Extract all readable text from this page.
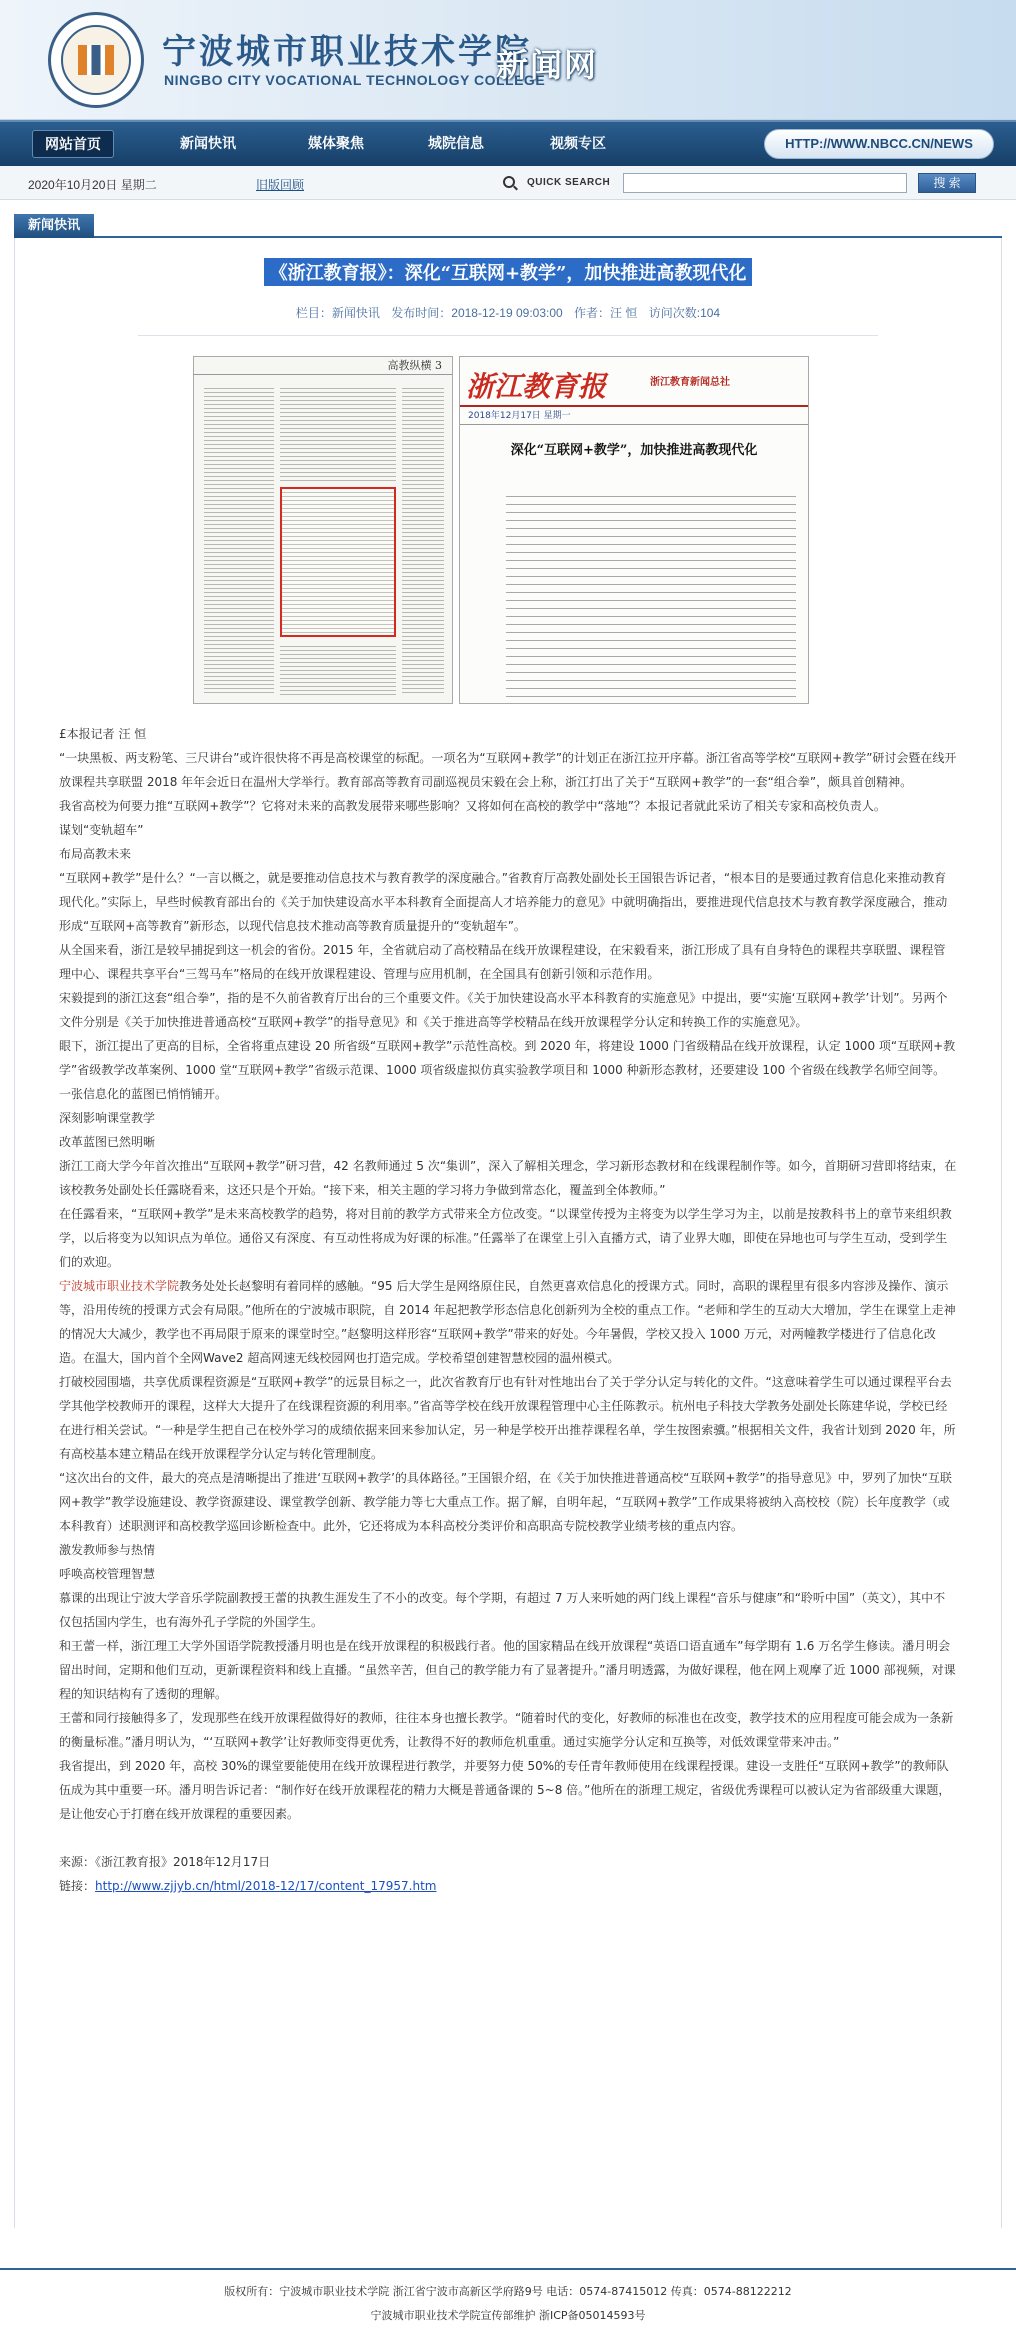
宁波城市职业技术学院
NINGBO CITY VOCATIONAL TECHNOLOGY COLLEGE
新闻网
网站首页	新闻快讯	媒体聚焦	城院信息	视频专区	HTTP://WWW.NBCC.CN/NEWS
2020年10月20日 星期二	旧版回顾	QUICK SEARCH	搜 索
新闻快讯
《浙江教育报》：深化“互联网+教学”，加快推进高教现代化
栏目：新闻快讯 发布时间：2018-12-19 09:03:00 作者：汪 恒 访问次数:104
高教纵横 3
浙江教育报	浙江教育新闻总社
2018年12月17日 星期一
深化“互联网+教学”，加快推进高教现代化

£本报记者 汪 恒

“一块黑板、两支粉笔、三尺讲台”或许很快将不再是高校课堂的标配。一项名为“互联网+教学”的计划正在浙江拉开序幕。浙江省高等学校“互联网+教学”研讨会暨在线开放课程共享联盟 2018 年年会近日在温州大学举行。教育部高等教育司副巡视员宋毅在会上称，浙江打出了关于“互联网+教学”的一套“组合拳”，颇具首创精神。

我省高校为何要力推“互联网+教学”？它将对未来的高教发展带来哪些影响？又将如何在高校的教学中“落地”？本报记者就此采访了相关专家和高校负责人。

谋划“变轨超车”

布局高教未来

“互联网+教学”是什么？“一言以概之，就是要推动信息技术与教育教学的深度融合。”省教育厅高教处副处长王国银告诉记者，“根本目的是要通过教育信息化来推动教育现代化。”实际上，早些时候教育部出台的《关于加快建设高水平本科教育全面提高人才培养能力的意见》中就明确指出，要推进现代信息技术与教育教学深度融合，推动形成“互联网+高等教育”新形态，以现代信息技术推动高等教育质量提升的“变轨超车”。

从全国来看，浙江是较早捕捉到这一机会的省份。2015 年，全省就启动了高校精品在线开放课程建设，在宋毅看来，浙江形成了具有自身特色的课程共享联盟、课程管理中心、课程共享平台“三驾马车”格局的在线开放课程建设、管理与应用机制，在全国具有创新引领和示范作用。

宋毅提到的浙江这套“组合拳”，指的是不久前省教育厅出台的三个重要文件。《关于加快建设高水平本科教育的实施意见》中提出，要“实施‘互联网+教学’计划”。另两个文件分别是《关于加快推进普通高校“互联网+教学”的指导意见》和《关于推进高等学校精品在线开放课程学分认定和转换工作的实施意见》。

眼下，浙江提出了更高的目标，全省将重点建设 20 所省级“互联网+教学”示范性高校。到 2020 年，将建设 1000 门省级精品在线开放课程，认定 1000 项“互联网+教学”省级教学改革案例、1000 堂“互联网+教学”省级示范课、1000 项省级虚拟仿真实验教学项目和 1000 种新形态教材，还要建设 100 个省级在线教学名师空间等。一张信息化的蓝图已悄悄铺开。

深刻影响课堂教学

改革蓝图已然明晰

浙江工商大学今年首次推出“互联网+教学”研习营，42 名教师通过 5 次“集训”，深入了解相关理念，学习新形态教材和在线课程制作等。如今，首期研习营即将结束，在该校教务处副处长任露晓看来，这还只是个开始。“接下来，相关主题的学习将力争做到常态化，覆盖到全体教师。”

在任露看来，“互联网+教学”是未来高校教学的趋势，将对目前的教学方式带来全方位改变。“以课堂传授为主将变为以学生学习为主，以前是按教科书上的章节来组织教学，以后将变为以知识点为单位。通俗又有深度、有互动性将成为好课的标准。”任露举了在课堂上引入直播方式，请了业界大咖，即使在异地也可与学生互动，受到学生们的欢迎。

宁波城市职业技术学院教务处处长赵黎明有着同样的感触。“95 后大学生是网络原住民，自然更喜欢信息化的授课方式。同时，高职的课程里有很多内容涉及操作、演示等，沿用传统的授课方式会有局限。”他所在的宁波城市职院，自 2014 年起把教学形态信息化创新列为全校的重点工作。“老师和学生的互动大大增加，学生在课堂上走神的情况大大减少，教学也不再局限于原来的课堂时空。”赵黎明这样形容“互联网+教学”带来的好处。今年暑假，学校又投入 1000 万元，对两幢教学楼进行了信息化改造。在温大，国内首个全网Wave2 超高网速无线校园网也打造完成。学校希望创建智慧校园的温州模式。

打破校园围墙，共享优质课程资源是“互联网+教学”的远景目标之一，此次省教育厅也有针对性地出台了关于学分认定与转化的文件。“这意味着学生可以通过课程平台去学其他学校教师开的课程，这样大大提升了在线课程资源的利用率。”省高等学校在线开放课程管理中心主任陈教示。杭州电子科技大学教务处副处长陈建华说，学校已经在进行相关尝试。“一种是学生把自己在校外学习的成绩依据来回来参加认定，另一种是学校开出推荐课程名单，学生按图索骥。”根据相关文件，我省计划到 2020 年，所有高校基本建立精品在线开放课程学分认定与转化管理制度。

“这次出台的文件，最大的亮点是清晰提出了推进‘互联网+教学’的具体路径。”王国银介绍，在《关于加快推进普通高校“互联网+教学”的指导意见》中，罗列了加快“互联网+教学”教学设施建设、教学资源建设、课堂教学创新、教学能力等七大重点工作。据了解，自明年起，“互联网+教学”工作成果将被纳入高校校（院）长年度教学（或本科教育）述职测评和高校教学巡回诊断检查中。此外，它还将成为本科高校分类评价和高职高专院校教学业绩考核的重点内容。

激发教师参与热情

呼唤高校管理智慧

慕课的出现让宁波大学音乐学院副教授王蕾的执教生涯发生了不小的改变。每个学期，有超过 7 万人来听她的两门线上课程“音乐与健康”和“聆听中国”（英文），其中不仅包括国内学生，也有海外孔子学院的外国学生。

和王蕾一样，浙江理工大学外国语学院教授潘月明也是在线开放课程的积极践行者。他的国家精品在线开放课程“英语口语直通车”每学期有 1.6 万名学生修读。潘月明会留出时间，定期和他们互动，更新课程资料和线上直播。“虽然辛苦，但自己的教学能力有了显著提升。”潘月明透露，为做好课程，他在网上观摩了近 1000 部视频，对课程的知识结构有了透彻的理解。

王蕾和同行接触得多了，发现那些在线开放课程做得好的教师，往往本身也擅长教学。“随着时代的变化，好教师的标准也在改变，教学技术的应用程度可能会成为一条新的衡量标准。”潘月明认为，“‘互联网+教学’让好教师变得更优秀，让教得不好的教师危机重重。通过实施学分认定和互换等，对低效课堂带来冲击。”

我省提出，到 2020 年，高校 30%的课堂要能使用在线开放课程进行教学，并要努力使 50%的专任青年教师使用在线课程授课。建设一支胜任“互联网+教学”的教师队伍成为其中重要一环。潘月明告诉记者：“制作好在线开放课程花的精力大概是普通备课的 5~8 倍。”他所在的浙理工规定，省级优秀课程可以被认定为省部级重大课题，是让他安心于打磨在线开放课程的重要因素。

来源：《浙江教育报》2018年12月17日
链接：http://www.zjjyb.cn/html/2018-12/17/content_17957.htm
版权所有：宁波城市职业技术学院 浙江省宁波市高新区学府路9号 电话：0574-87415012 传真：0574-88122212
宁波城市职业技术学院宣传部维护 浙ICP备05014593号
